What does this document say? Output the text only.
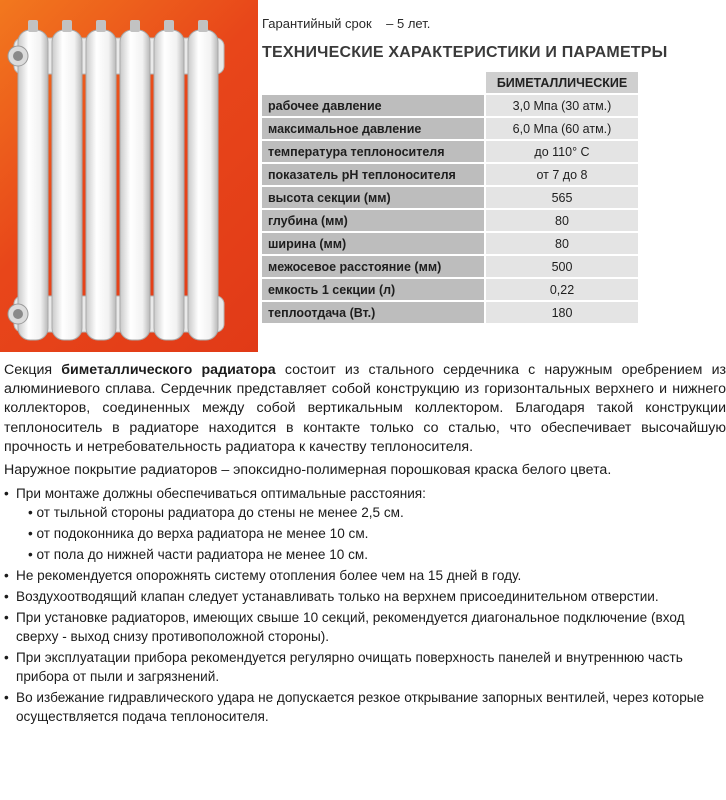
Гарантийный срок    – 5 лет.
ТЕХНИЧЕСКИЕ ХАРАКТЕРИСТИКИ И ПАРАМЕТРЫ
	БИМЕТАЛЛИЧЕСКИЕ
рабочее давление	3,0 Мпа (30 атм.)
максимальное давление	6,0 Мпа (60 атм.)
температура теплоносителя	до 110° С
показатель рН теплоносителя	от 7 до 8
высота секции (мм)	565
глубина (мм)	80
ширина (мм)	80
межосевое расстояние (мм)	500
емкость 1 секции (л)	0,22
теплоотдача (Вт.)	180

Секция биметаллического радиатора состоит из стального сердечника с наружным оребрением из алюминиевого сплава. Сердечник представляет собой конструкцию из горизонтальных верхнего и нижнего коллекторов, соединенных между собой вертикальным коллектором. Благодаря такой конструкции теплоноситель в радиаторе находится в контакте только со сталью, что обеспечивает высочайшую прочность и нетребовательность радиатора к качеству теплоносителя.

Наружное покрытие радиаторов – эпоксидно-полимерная порошковая краска белого цвета.

• При монтаже должны обеспечиваться оптимальные расстояния:
• от тыльной стороны радиатора до стены не менее 2,5 см.
• от подоконника до верха радиатора не менее 10 см.
• от пола до нижней части радиатора не менее 10 см.
• Не рекомендуется опорожнять систему отопления более чем на 15 дней в году.
• Воздухоотводящий клапан следует устанавливать только на верхнем присоединительном отверстии.
• При установке радиаторов, имеющих свыше 10 секций, рекомендуется диагональное подключение (вход сверху - выход снизу противоположной стороны).
• При эксплуатации прибора рекомендуется регулярно очищать поверхность панелей и внутреннюю часть прибора от пыли и загрязнений.
• Во избежание гидравлического удара не допускается резкое открывание запорных вентилей, через которые осуществляется подача теплоносителя.
